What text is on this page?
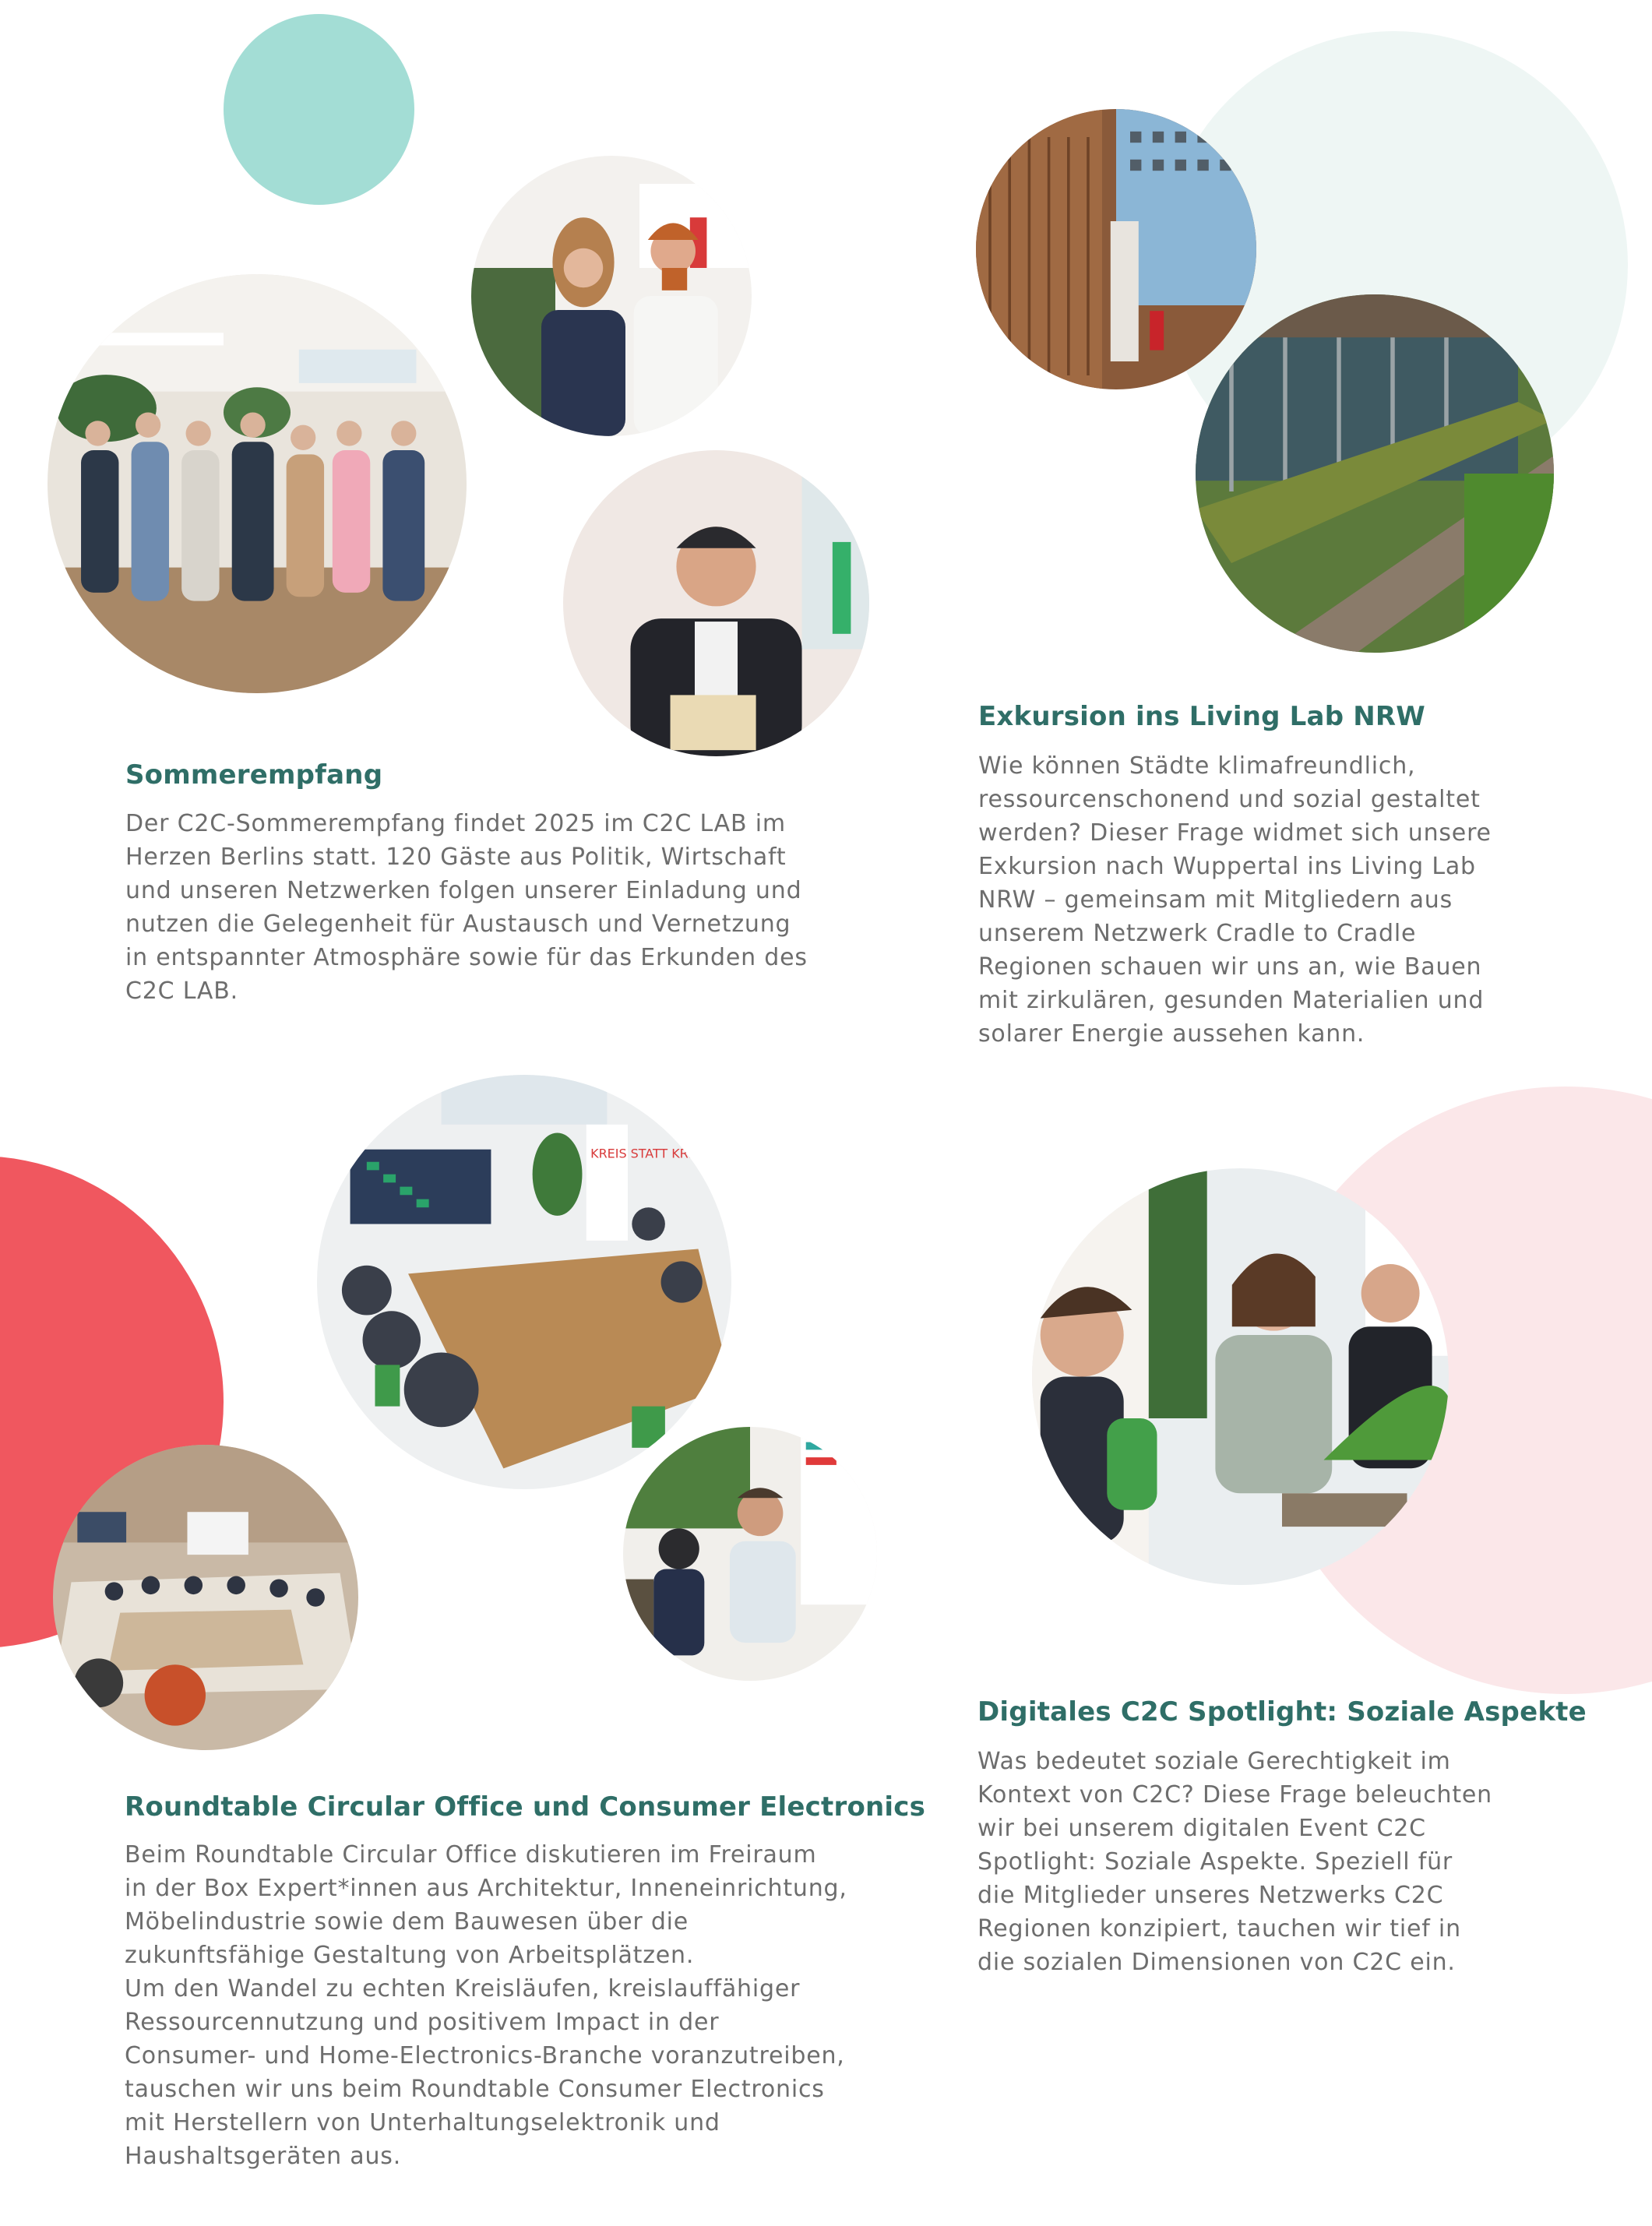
KREIS STATT KRISE
Sommerempfang

Der C2C-Sommerempfang findet 2025 im C2C LAB im
Herzen Berlins statt. 120 Gäste aus Politik, Wirtschaft
und unseren Netzwerken folgen unserer Einladung und
nutzen die Gelegenheit für Austausch und Vernetzung
in entspannter Atmosphäre sowie für das Erkunden des
C2C LAB.

Exkursion ins Living Lab NRW

Wie können Städte klimafreundlich,
ressourcenschonend und sozial gestaltet
werden? Dieser Frage widmet sich unsere
Exkursion nach Wuppertal ins Living Lab
NRW – gemeinsam mit Mitgliedern aus
unserem Netzwerk Cradle to Cradle
Regionen schauen wir uns an, wie Bauen
mit zirkulären, gesunden Materialien und
solarer Energie aussehen kann.

Roundtable Circular Office und Consumer Electronics

Beim Roundtable Circular Office diskutieren im Freiraum
in der Box Expert*innen aus Architektur, Inneneinrichtung,
Möbelindustrie sowie dem Bauwesen über die
zukunftsfähige Gestaltung von Arbeitsplätzen.
Um den Wandel zu echten Kreisläufen, kreislauffähiger
Ressourcennutzung und positivem Impact in der
Consumer- und Home-Electronics-Branche voranzutreiben,
tauschen wir uns beim Roundtable Consumer Electronics
mit Herstellern von Unterhaltungselektronik und
Haushaltsgeräten aus.

Digitales C2C Spotlight: Soziale Aspekte

Was bedeutet soziale Gerechtigkeit im
Kontext von C2C? Diese Frage beleuchten
wir bei unserem digitalen Event C2C
Spotlight: Soziale Aspekte. Speziell für
die Mitglieder unseres Netzwerks C2C
Regionen konzipiert, tauchen wir tief in
die sozialen Dimensionen von C2C ein.
